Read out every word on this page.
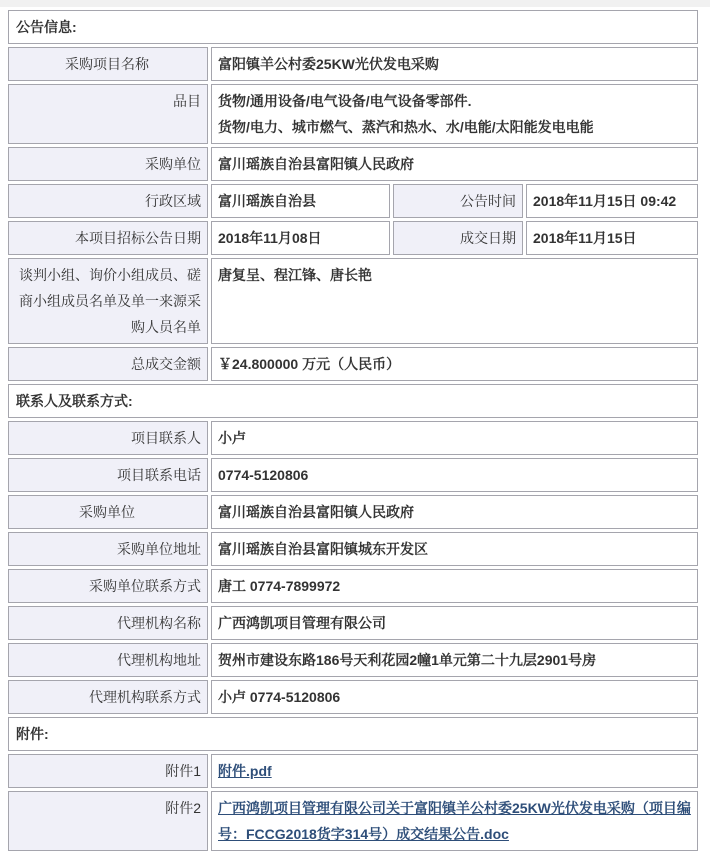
公告信息:			
采购项目名称	富阳镇羊公村委25KW光伏发电采购		
品目	货物/通用设备/电气设备/电气设备零部件.
货物/电力、城市燃气、蒸汽和热水、水/电能/太阳能发电电能		

采购单位	富川瑶族自治县富阳镇人民政府		
行政区域	富川瑶族自治县	公告时间	2018年11月15日 09:42
本项目招标公告日期	2018年11月08日	成交日期	2018年11月15日
谈判小组、询价小组成员、磋商小组成员名单及单一来源采购人员名单	唐复呈、程江锋、唐长艳		
总成交金额	￥24.800000 万元（人民币）		
联系人及联系方式:			
项目联系人	小卢		
项目联系电话	0774-5120806		
采购单位	富川瑶族自治县富阳镇人民政府		
采购单位地址	富川瑶族自治县富阳镇城东开发区		
采购单位联系方式	唐工 0774-7899972		
代理机构名称	广西鸿凯项目管理有限公司		
代理机构地址	贺州市建设东路186号天利花园2幢1单元第二十九层2901号房		
代理机构联系方式	小卢 0774-5120806		
附件:			
附件1	附件.pdf		
附件2	广西鸿凯项目管理有限公司关于富阳镇羊公村委25KW光伏发电采购（项目编号：FCCG2018货字314号）成交结果公告.doc		
